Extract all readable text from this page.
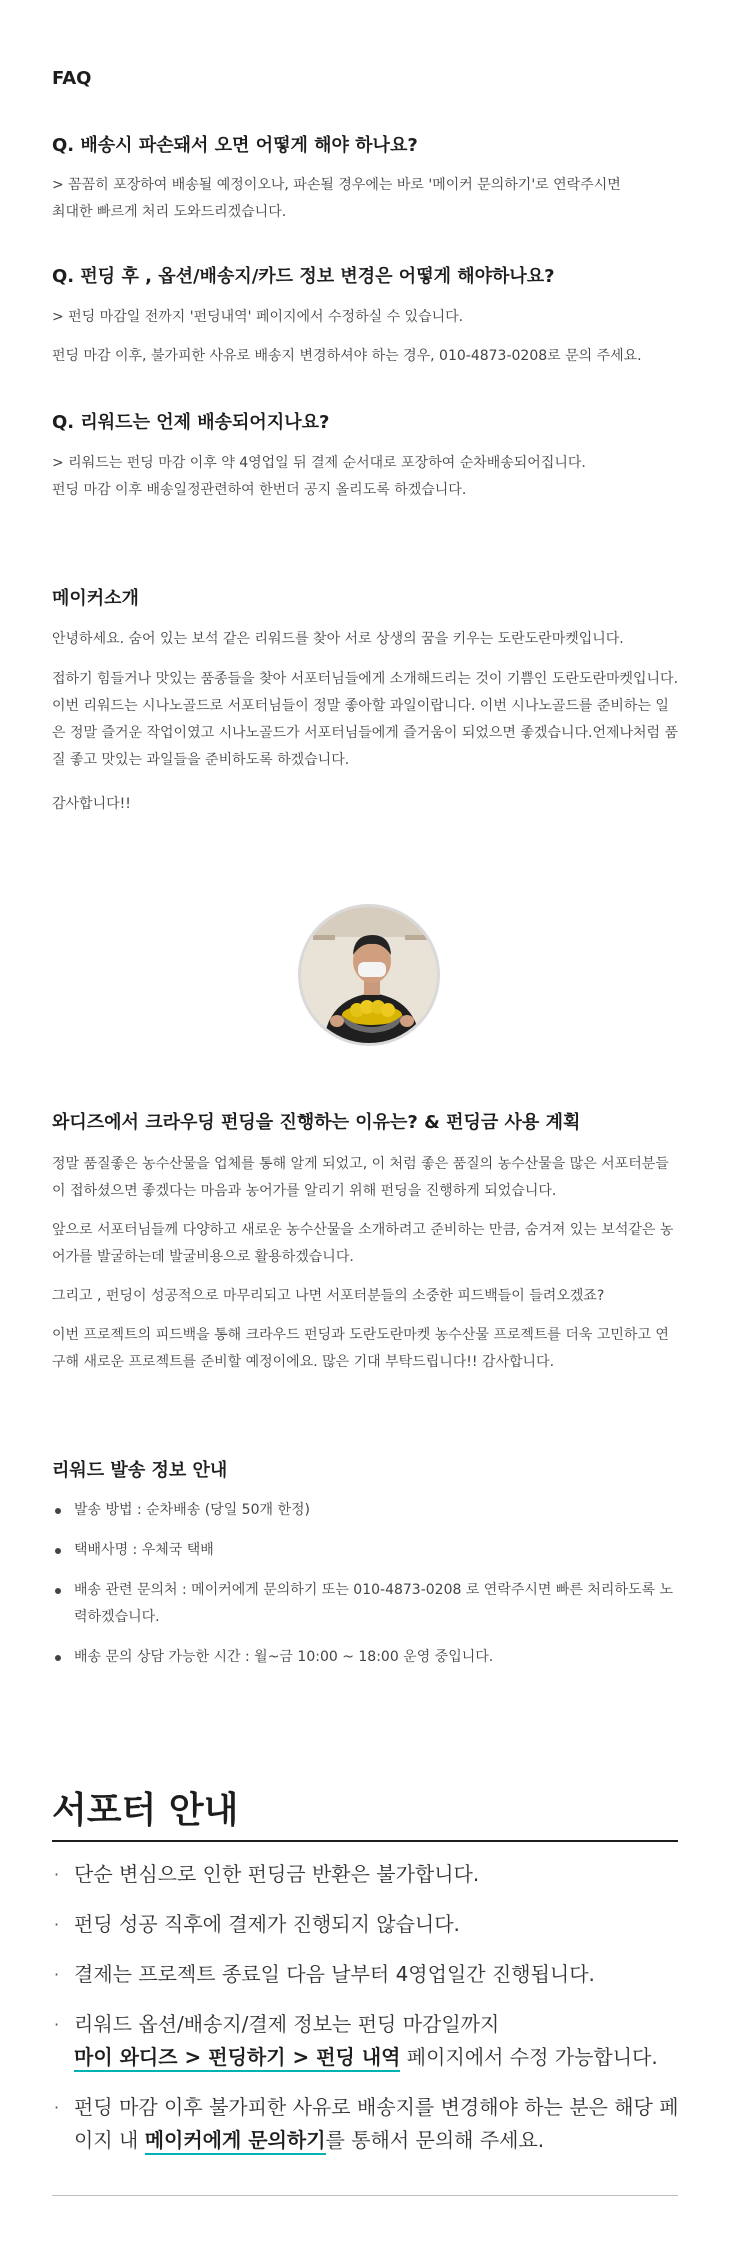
FAQ
Q. 배송시 파손돼서 오면 어떻게 해야 하나요?

> 꼼꼼히 포장하여 배송될 예정이오나, 파손될 경우에는 바로 '메이커 문의하기'로 연락주시면

최대한 빠르게 처리 도와드리겠습니다.

Q. 펀딩 후 , 옵션/배송지/카드 정보 변경은 어떻게 해야하나요?

> 펀딩 마감일 전까지 '펀딩내역' 페이지에서 수정하실 수 있습니다.

펀딩 마감 이후, 불가피한 사유로 배송지 변경하셔야 하는 경우, 010-4873-0208로 문의 주세요.

Q. 리워드는 언제 배송되어지나요?

> 리워드는 펀딩 마감 이후 약 4영업일 뒤 결제 순서대로 포장하여 순차배송되어집니다.

펀딩 마감 이후 배송일정관련하여 한번더 공지 올리도록 하겠습니다.

메이커소개
안녕하세요. 숨어 있는 보석 같은 리워드를 찾아 서로 상생의 꿈을 키우는 도란도란마켓입니다.
접하기 힘들거나 맛있는 품종들을 찾아 서포터님들에게 소개해드리는 것이 기쁨인 도란도란마켓입니다. 이번 리워드는 시나노골드로 서포터님들이 정말 좋아할 과일이랍니다. 이번 시나노골드를 준비하는 일은 정말 즐거운 작업이였고 시나노골드가 서포터님들에게 즐거움이 되었으면 좋겠습니다.언제나처럼 품질 좋고 맛있는 과일들을 준비하도록 하겠습니다.
감사합니다!!
와디즈에서 크라우딩 펀딩을 진행하는 이유는? & 펀딩금 사용 계획
정말 품질좋은 농수산물을 업체를 통해 알게 되었고, 이 처럼 좋은 품질의 농수산물을 많은 서포터분들이 접하셨으면 좋겠다는 마음과 농어가를 알리기 위해 펀딩을 진행하게 되었습니다.
앞으로 서포터님들께 다양하고 새로운 농수산물을 소개하려고 준비하는 만큼, 숨겨져 있는 보석같은 농어가를 발굴하는데 발굴비용으로 활용하겠습니다.
그리고 , 펀딩이 성공적으로 마무리되고 나면 서포터분들의 소중한 피드백들이 들려오겠죠?
이번 프로젝트의 피드백을 통해 크라우드 펀딩과 도란도란마켓 농수산물 프로젝트를 더욱 고민하고 연구해 새로운 프로젝트를 준비할 예정이에요. 많은 기대 부탁드립니다!! 감사합니다.
리워드 발송 정보 안내
발송 방법 : 순차배송 (당일 50개 한정)
택배사명 : 우체국 택배
배송 관련 문의처 : 메이커에게 문의하기 또는 010-4873-0208 로 연락주시면 빠른 처리하도록 노력하겠습니다.
배송 문의 상담 가능한 시간 : 월~금 10:00 ~ 18:00 운영 중입니다.
서포터 안내
· 단순 변심으로 인한 펀딩금 반환은 불가합니다.
· 펀딩 성공 직후에 결제가 진행되지 않습니다.
· 결제는 프로젝트 종료일 다음 날부터 4영업일간 진행됩니다.
· 리워드 옵션/배송지/결제 정보는 펀딩 마감일까지
마이 와디즈 > 펀딩하기 > 펀딩 내역 페이지에서 수정 가능합니다.
· 펀딩 마감 이후 불가피한 사유로 배송지를 변경해야 하는 분은 해당 페이지 내 메이커에게 문의하기를 통해서 문의해 주세요.
